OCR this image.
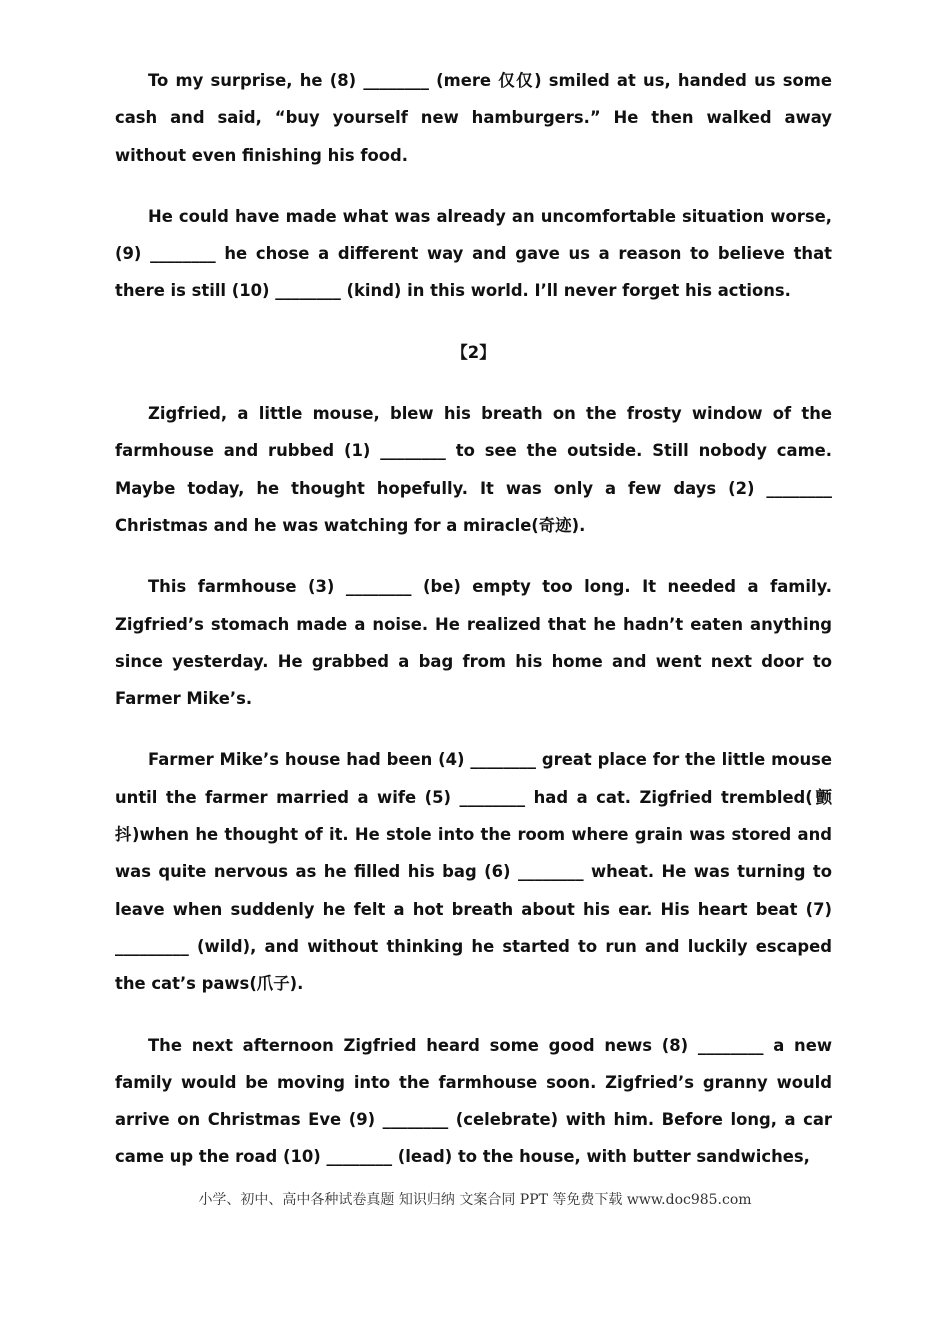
To my surprise, he (8) ________ (mere 仅仅) smiled at us, handed us some cash and said, “buy yourself new hamburgers.” He then walked away without even finishing his food.

He could have made what was already an uncomfortable situation worse, (9) ________ he chose a different way and gave us a reason to believe that there is still (10) ________ (kind) in this world. I’ll never forget his actions.

【2】

Zigfried, a little mouse, blew his breath on the frosty window of the farmhouse and rubbed (1) ________ to see the outside. Still nobody came. Maybe today, he thought hopefully. It was only a few days (2) ________ Christmas and he was watching for a miracle(奇迹).

This farmhouse (3) ________ (be) empty too long. It needed a family. Zigfried’s stomach made a noise. He realized that he hadn’t eaten anything since yesterday. He grabbed a bag from his home and went next door to Farmer Mike’s.

Farmer Mike’s house had been (4) ________ great place for the little mouse until the farmer married a wife (5) ________ had a cat. Zigfried trembled(颤抖)when he thought of it. He stole into the room where grain was stored and was quite nervous as he filled his bag (6) ________ wheat. He was turning to leave when suddenly he felt a hot breath about his ear. His heart beat (7) _________ (wild), and without thinking he started to run and luckily escaped the cat’s paws(爪子).

The next afternoon Zigfried heard some good news (8) ________ a new family would be moving into the farmhouse soon. Zigfried’s granny would arrive on Christmas Eve (9) ________ (celebrate) with him. Before long, a car came up the road (10) ________ (lead) to the house, with butter sandwiches,

小学、初中、高中各种试卷真题 知识归纳 文案合同 PPT 等免费下载 www.doc985.com
